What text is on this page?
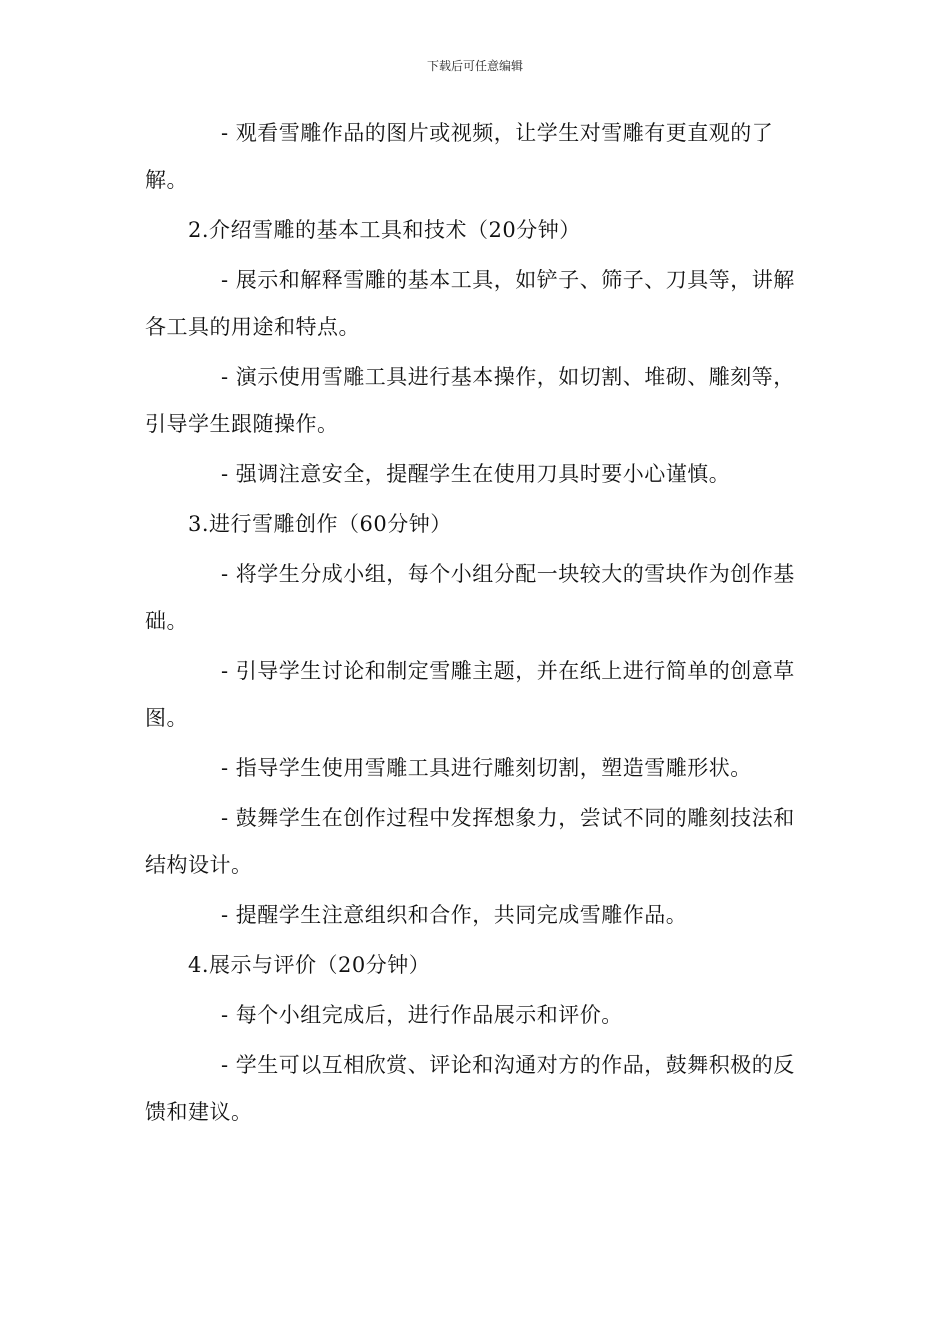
下载后可任意编辑

- 观看雪雕作品的图片或视频，让学生对雪雕有更直观的了解。

2.介绍雪雕的基本工具和技术（20分钟）

- 展示和解释雪雕的基本工具，如铲子、筛子、刀具等，讲解各工具的用途和特点。

- 演示使用雪雕工具进行基本操作，如切割、堆砌、雕刻等，引导学生跟随操作。

- 强调注意安全，提醒学生在使用刀具时要小心谨慎。

3.进行雪雕创作（60分钟）

- 将学生分成小组，每个小组分配一块较大的雪块作为创作基础。

- 引导学生讨论和制定雪雕主题，并在纸上进行简单的创意草图。

- 指导学生使用雪雕工具进行雕刻切割，塑造雪雕形状。

- 鼓舞学生在创作过程中发挥想象力，尝试不同的雕刻技法和结构设计。

- 提醒学生注意组织和合作，共同完成雪雕作品。

4.展示与评价（20分钟）

- 每个小组完成后，进行作品展示和评价。

- 学生可以互相欣赏、评论和沟通对方的作品，鼓舞积极的反馈和建议。
